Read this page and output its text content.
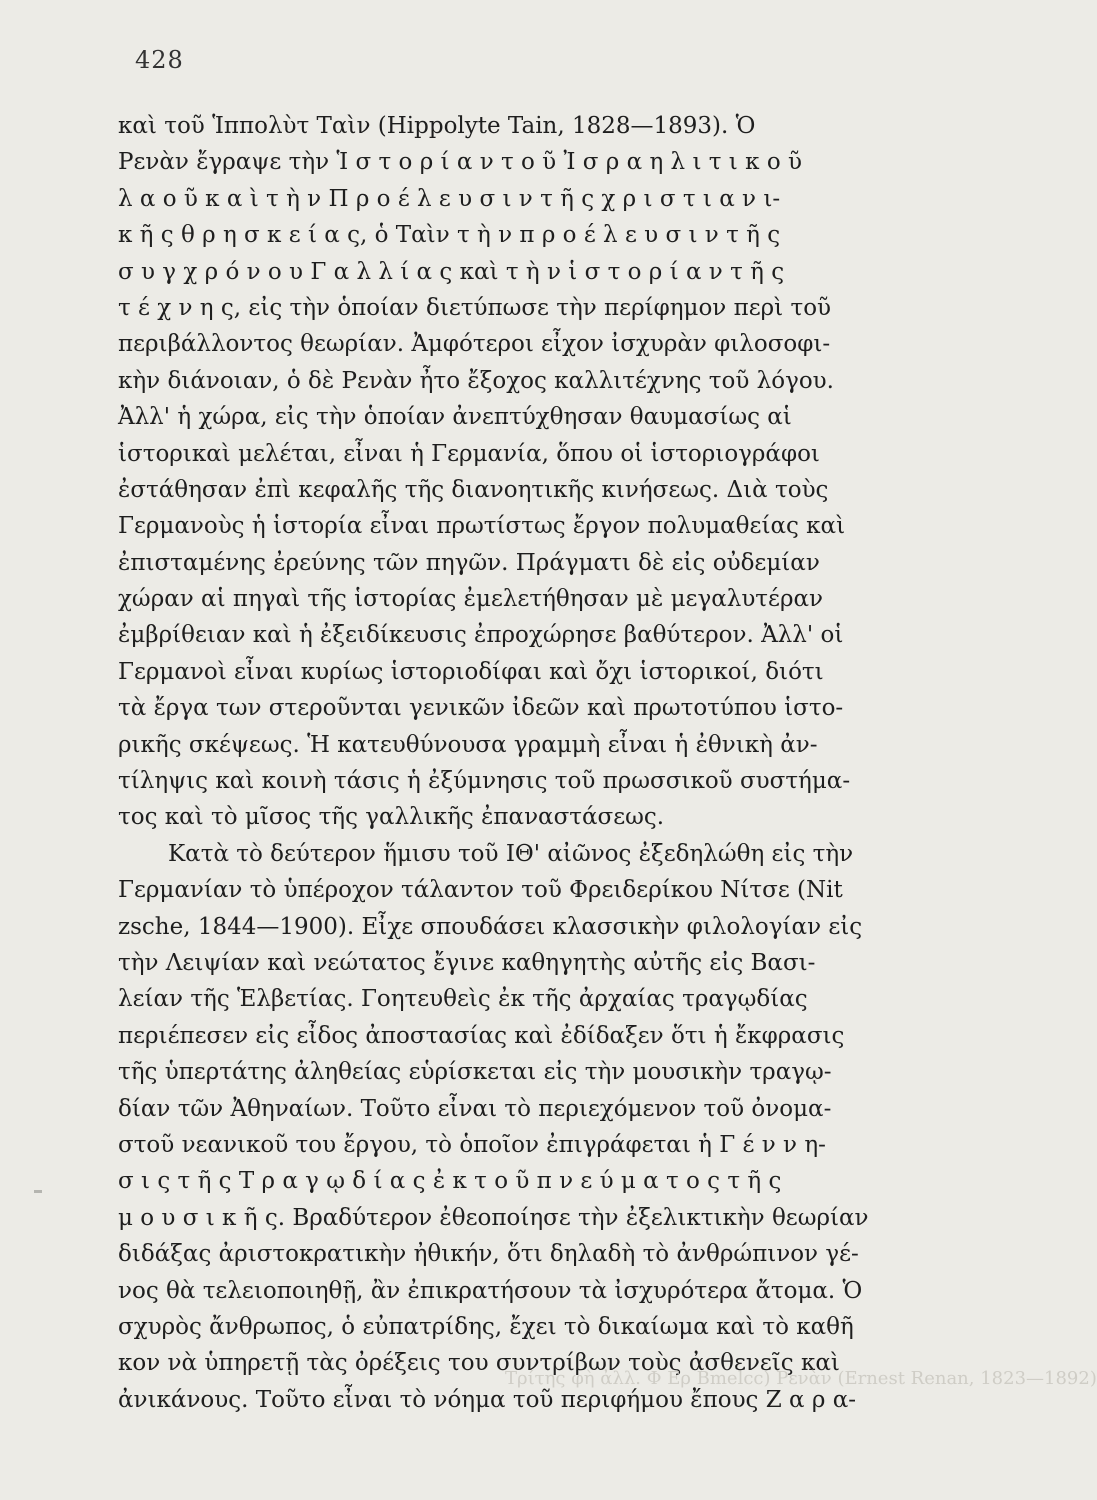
428
καὶ τοῦ Ἱππολὺτ Ταὶν (Hippolyte Tain, 1828—1893). Ὁ
Ρενὰν ἔγραψε τὴν Ἱ σ τ ο ρ ί α ν τ ο ῦ Ἰ σ ρ α η λ ι τ ι κ ο ῦ
λ α ο ῦ κ α ὶ τ ὴ ν Π ρ ο έ λ ε υ σ ι ν τ ῆ ς χ ρ ι σ τ ι α ν ι-
κ ῆ ς θ ρ η σ κ ε ί α ς, ὁ Ταὶν τ ὴ ν π ρ ο έ λ ε υ σ ι ν τ ῆ ς
σ υ γ χ ρ ό ν ο υ Γ α λ λ ί α ς καὶ τ ὴ ν ἱ σ τ ο ρ ί α ν τ ῆ ς
τ έ χ ν η ς, εἰς τὴν ὁποίαν διετύπωσε τὴν περίφημον περὶ τοῦ
περιβάλλοντος θεωρίαν. Ἀμφότεροι εἶχον ἰσχυρὰν φιλοσοφι-
κὴν διάνοιαν, ὁ δὲ Ρενὰν ἦτο ἔξοχος καλλιτέχνης τοῦ λόγου.
Ἀλλ' ἡ χώρα, εἰς τὴν ὁποίαν ἀνεπτύχθησαν θαυμασίως αἱ
ἱστορικαὶ μελέται, εἶναι ἡ Γερμανία, ὅπου οἱ ἱστοριογράφοι
ἐστάθησαν ἐπὶ κεφαλῆς τῆς διανοητικῆς κινήσεως. Διὰ τοὺς
Γερμανοὺς ἡ ἱστορία εἶναι πρωτίστως ἔργον πολυμαθείας καὶ
ἐπισταμένης ἐρεύνης τῶν πηγῶν. Πράγματι δὲ εἰς οὐδεμίαν
χώραν αἱ πηγαὶ τῆς ἱστορίας ἐμελετήθησαν μὲ μεγαλυτέραν
ἐμβρίθειαν καὶ ἡ ἐξειδίκευσις ἐπροχώρησε βαθύτερον. Ἀλλ' οἱ
Γερμανοὶ εἶναι κυρίως ἱστοριοδίφαι καὶ ὄχι ἱστορικοί, διότι
τὰ ἔργα των στεροῦνται γενικῶν ἰδεῶν καὶ πρωτοτύπου ἱστο-
ρικῆς σκέψεως. Ἡ κατευθύνουσα γραμμὴ εἶναι ἡ ἐθνικὴ ἀν-
τίληψις καὶ κοινὴ τάσις ἡ ἐξύμνησις τοῦ πρωσσικοῦ συστήμα-
τος καὶ τὸ μῖσος τῆς γαλλικῆς ἐπαναστάσεως.
Κατὰ τὸ δεύτερον ἥμισυ τοῦ ΙΘ' αἰῶνος ἐξεδηλώθη εἰς τὴν
Γερμανίαν τὸ ὑπέροχον τάλαντον τοῦ Φρειδερίκου Νίτσε (Nit
zsche, 1844—1900). Εἶχε σπουδάσει κλασσικὴν φιλολογίαν εἰς
τὴν Λειψίαν καὶ νεώτατος ἔγινε καθηγητὴς αὐτῆς εἰς Βασι-
λείαν τῆς Ἑλβετίας. Γοητευθεὶς ἐκ τῆς ἀρχαίας τραγῳδίας
περιέπεσεν εἰς εἶδος ἀποστασίας καὶ ἐδίδαξεν ὅτι ἡ ἔκφρασις
τῆς ὑπερτάτης ἀληθείας εὑρίσκεται εἰς τὴν μουσικὴν τραγῳ-
δίαν τῶν Ἀθηναίων. Τοῦτο εἶναι τὸ περιεχόμενον τοῦ ὀνομα-
στοῦ νεανικοῦ του ἔργου, τὸ ὁποῖον ἐπιγράφεται ἡ Γ έ ν ν η-
σ ι ς τ ῆ ς Τ ρ α γ ῳ δ ί α ς ἐ κ τ ο ῦ π ν ε ύ μ α τ ο ς τ ῆ ς
μ ο υ σ ι κ ῆ ς. Βραδύτερον ἐθεοποίησε τὴν ἐξελικτικὴν θεωρίαν
διδάξας ἀριστοκρατικὴν ἠθικήν, ὅτι δηλαδὴ τὸ ἀνθρώπινον γέ-
νος θὰ τελειοποιηθῇ, ἂν ἐπικρατήσουν τὰ ἰσχυρότερα ἄτομα. Ὁ
σχυρὸς ἄνθρωπος, ὁ εὐπατρίδης, ἔχει τὸ δικαίωμα καὶ τὸ καθῆ
κον νὰ ὑπηρετῇ τὰς ὀρέξεις του συντρίβων τοὺς ἀσθενεῖς καὶ
ἀνικάνους. Τοῦτο εἶναι τὸ νόημα τοῦ περιφήμου ἔπους Ζ α ρ α-
Τρίτης φὴ ἀλλ. Φ Ερ Bmelcc) Ρενὰν (Ernest Renan, 1823—1892)
